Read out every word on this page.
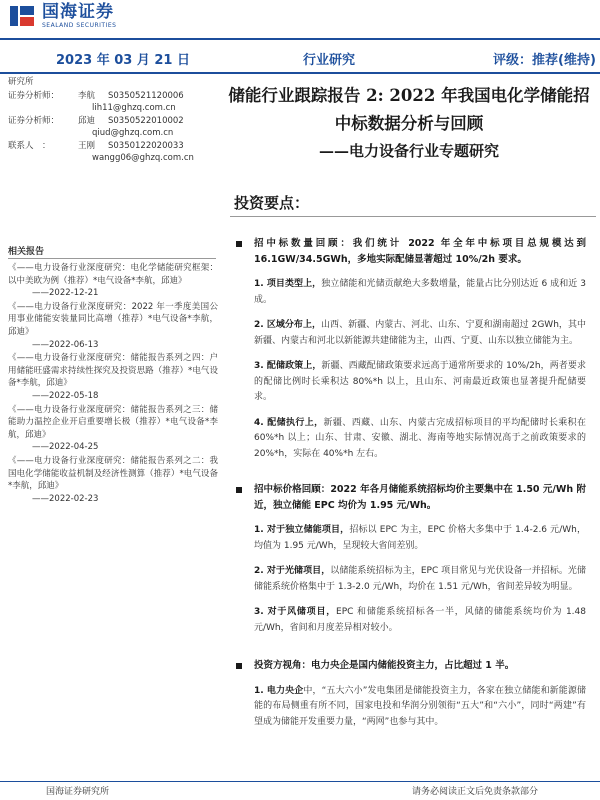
国海证券
SEALAND SECURITIES
2023 年 03 月 21 日	行业研究	评级：推荐(维持)
研究所
证券分析师：	李航	S0350521120006
lih11@ghzq.com.cn
证券分析师：	邱迪	S0350522010002
qiud@ghzq.com.cn
联系人　：	王刚	S0350122020033
wangg06@ghzq.com.cn
相关报告
《——电力设备行业深度研究：电化学储能研究框架：以中美欧为例（推荐）*电气设备*李航，邱迪》
——2022-12-21
《——电力设备行业深度研究：2022 年一季度美国公用事业储能安装量同比高增（推荐）*电气设备*李航，邱迪》
——2022-06-13
《——电力设备行业深度研究：储能报告系列之四：户用储能旺盛需求持续性探究及投资思路（推荐）*电气设备*李航，邱迪》
——2022-05-18
《——电力设备行业深度研究：储能报告系列之三：储能助力温控企业开启重要增长极（推荐）*电气设备*李航，邱迪》
——2022-04-25
《——电力设备行业深度研究：储能报告系列之二：我国电化学储能收益机制及经济性测算（推荐）*电气设备*李航，邱迪》
——2022-02-23
储能行业跟踪报告 2: 2022 年我国电化学储能招中标数据分析与回顾
——电力设备行业专题研究
投资要点：
招中标数量回顾：我们统计 2022 年全年中标项目总规模达到 16.1GW/34.5GWh，多地实际配储显著超过 10%/2h 要求。
1. 项目类型上，独立储能和光储贡献绝大多数增量，能量占比分别达近 6 成和近 3 成。
2. 区域分布上，山西、新疆、内蒙古、河北、山东、宁夏和湖南超过 2GWh，其中新疆、内蒙古和河北以新能源共建储能为主，山西、宁夏、山东以独立储能为主。
3. 配储政策上，新疆、西藏配储政策要求远高于通常所要求的 10%/2h，两者要求的配储比例时长乘积达 80%*h 以上，且山东、河南最近政策也显著提升配储要求。
4. 配储执行上，新疆、西藏、山东、内蒙古完成招标项目的平均配储时长乘积在 60%*h 以上；山东、甘肃、安徽、湖北、海南等地实际情况高于之前政策要求的 20%*h，实际在 40%*h 左右。
招中标价格回顾：2022 年各月储能系统招标均价主要集中在 1.50 元/Wh 附近，独立储能 EPC 均价为 1.95 元/Wh。
1. 对于独立储能项目，招标以 EPC 为主，EPC 价格大多集中于 1.4-2.6 元/Wh，均值为 1.95 元/Wh，呈现较大省间差别。
2. 对于光储项目，以储能系统招标为主，EPC 项目常见与光伏设备一并招标。光储储能系统价格集中于 1.3-2.0 元/Wh，均价在 1.51 元/Wh，省间差异较为明显。
3. 对于风储项目，EPC 和储能系统招标各一半，风储的储能系统均价为 1.48 元/Wh，省间和月度差异相对较小。
投资方视角：电力央企是国内储能投资主力，占比超过 1 半。
1. 电力央企中，“五大六小”发电集团是储能投资主力，各家在独立储能和新能源储能的布局侧重有所不同，国家电投和华润分别领衔“五大”和“六小”，同时“两建”有望成为储能开发重要力量，“两网”也参与其中。
国海证券研究所	请务必阅读正文后免责条款部分
